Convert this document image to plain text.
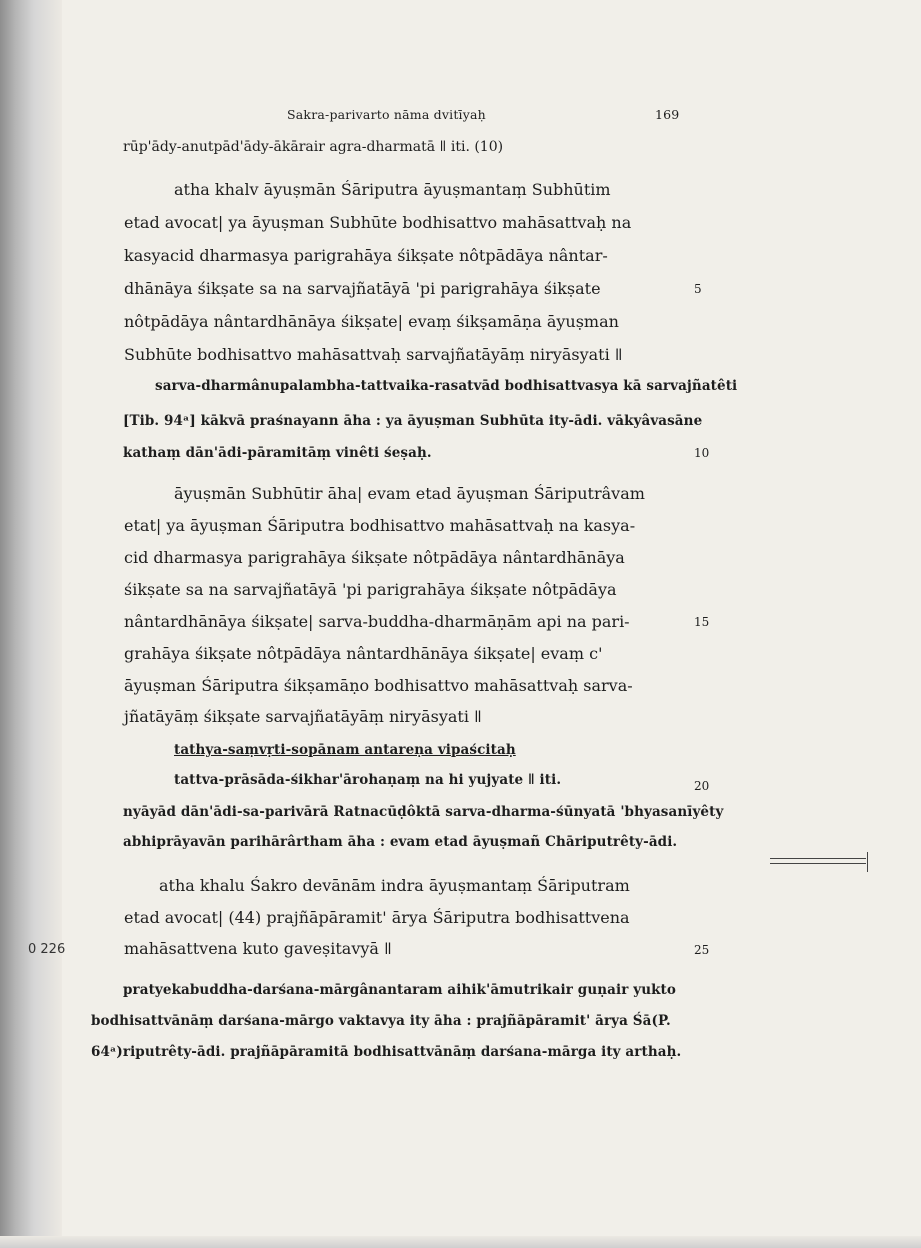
Sakra-parivarto nāma dvitīyaḥ	169
rūp'ādy-anutpād'ādy-ākārair agra-dharmatā ǁ iti. (10)
atha khalv āyuṣmān Śāriputra āyuṣmantaṃ Subhūtim
etad avocat| ya āyuṣman Subhūte bodhisattvo mahāsattvaḥ na
kasyacid dharmasya parigrahāya śikṣate nôtpādāya nântar-
dhānāya śikṣate sa na sarvajñatāyā 'pi parigrahāya śikṣate
nôtpādāya nântardhānāya śikṣate| evaṃ śikṣamāṇa āyuṣman
Subhūte bodhisattvo mahāsattvaḥ sarvajñatāyāṃ niryāsyati ǁ
sarva-dharmânupalambha-tattvaika-rasatvād bodhisattvasya kā sarvajñatêti
[Tib. 94ᵃ] kākvā praśnayann āha : ya āyuṣman Subhūta ity-ādi. vākyâvasāne
kathaṃ dān'ādi-pāramitāṃ vinêti śeṣaḥ.
āyuṣmān Subhūtir āha| evam etad āyuṣman Śāriputrâvam
etat| ya āyuṣman Śāriputra bodhisattvo mahāsattvaḥ na kasya-
cid dharmasya parigrahāya śikṣate nôtpādāya nântardhānāya
śikṣate sa na sarvajñatāyā 'pi parigrahāya śikṣate nôtpādāya
nântardhānāya śikṣate| sarva-buddha-dharmāṇām api na pari-
grahāya śikṣate nôtpādāya nântardhānāya śikṣate| evaṃ c'
āyuṣman Śāriputra śikṣamāṇo bodhisattvo mahāsattvaḥ sarva-
jñatāyāṃ śikṣate sarvajñatāyāṃ niryāsyati ǁ
tathya-saṃvṛti-sopānam antareṇa vipaścitaḥ
tattva-prāsāda-śikhar'ārohaṇaṃ na hi yujyate ǁ iti.
nyāyād dān'ādi-sa-parivārā Ratnacūḍôktā sarva-dharma-śūnyatā 'bhyasanīyêty
abhiprāyavān parihārârtham āha : evam etad āyuṣmañ Chāriputrêty-ādi.
atha khalu Śakro devānām indra āyuṣmantaṃ Śāriputram
etad avocat| (44) prajñāpāramit' ārya Śāriputra bodhisattvena
mahāsattvena kuto gaveṣitavyā ǁ
pratyekabuddha-darśana-mārgânantaram aihik'āmutrikair guṇair yukto
bodhisattvānāṃ darśana-mārgo vaktavya ity āha : prajñāpāramit' ārya Śā(P.
64ᵃ)riputrêty-ādi. prajñāpāramitā bodhisattvānāṃ darśana-mārga ity arthaḥ.
5
10
15
20
25
0 226
